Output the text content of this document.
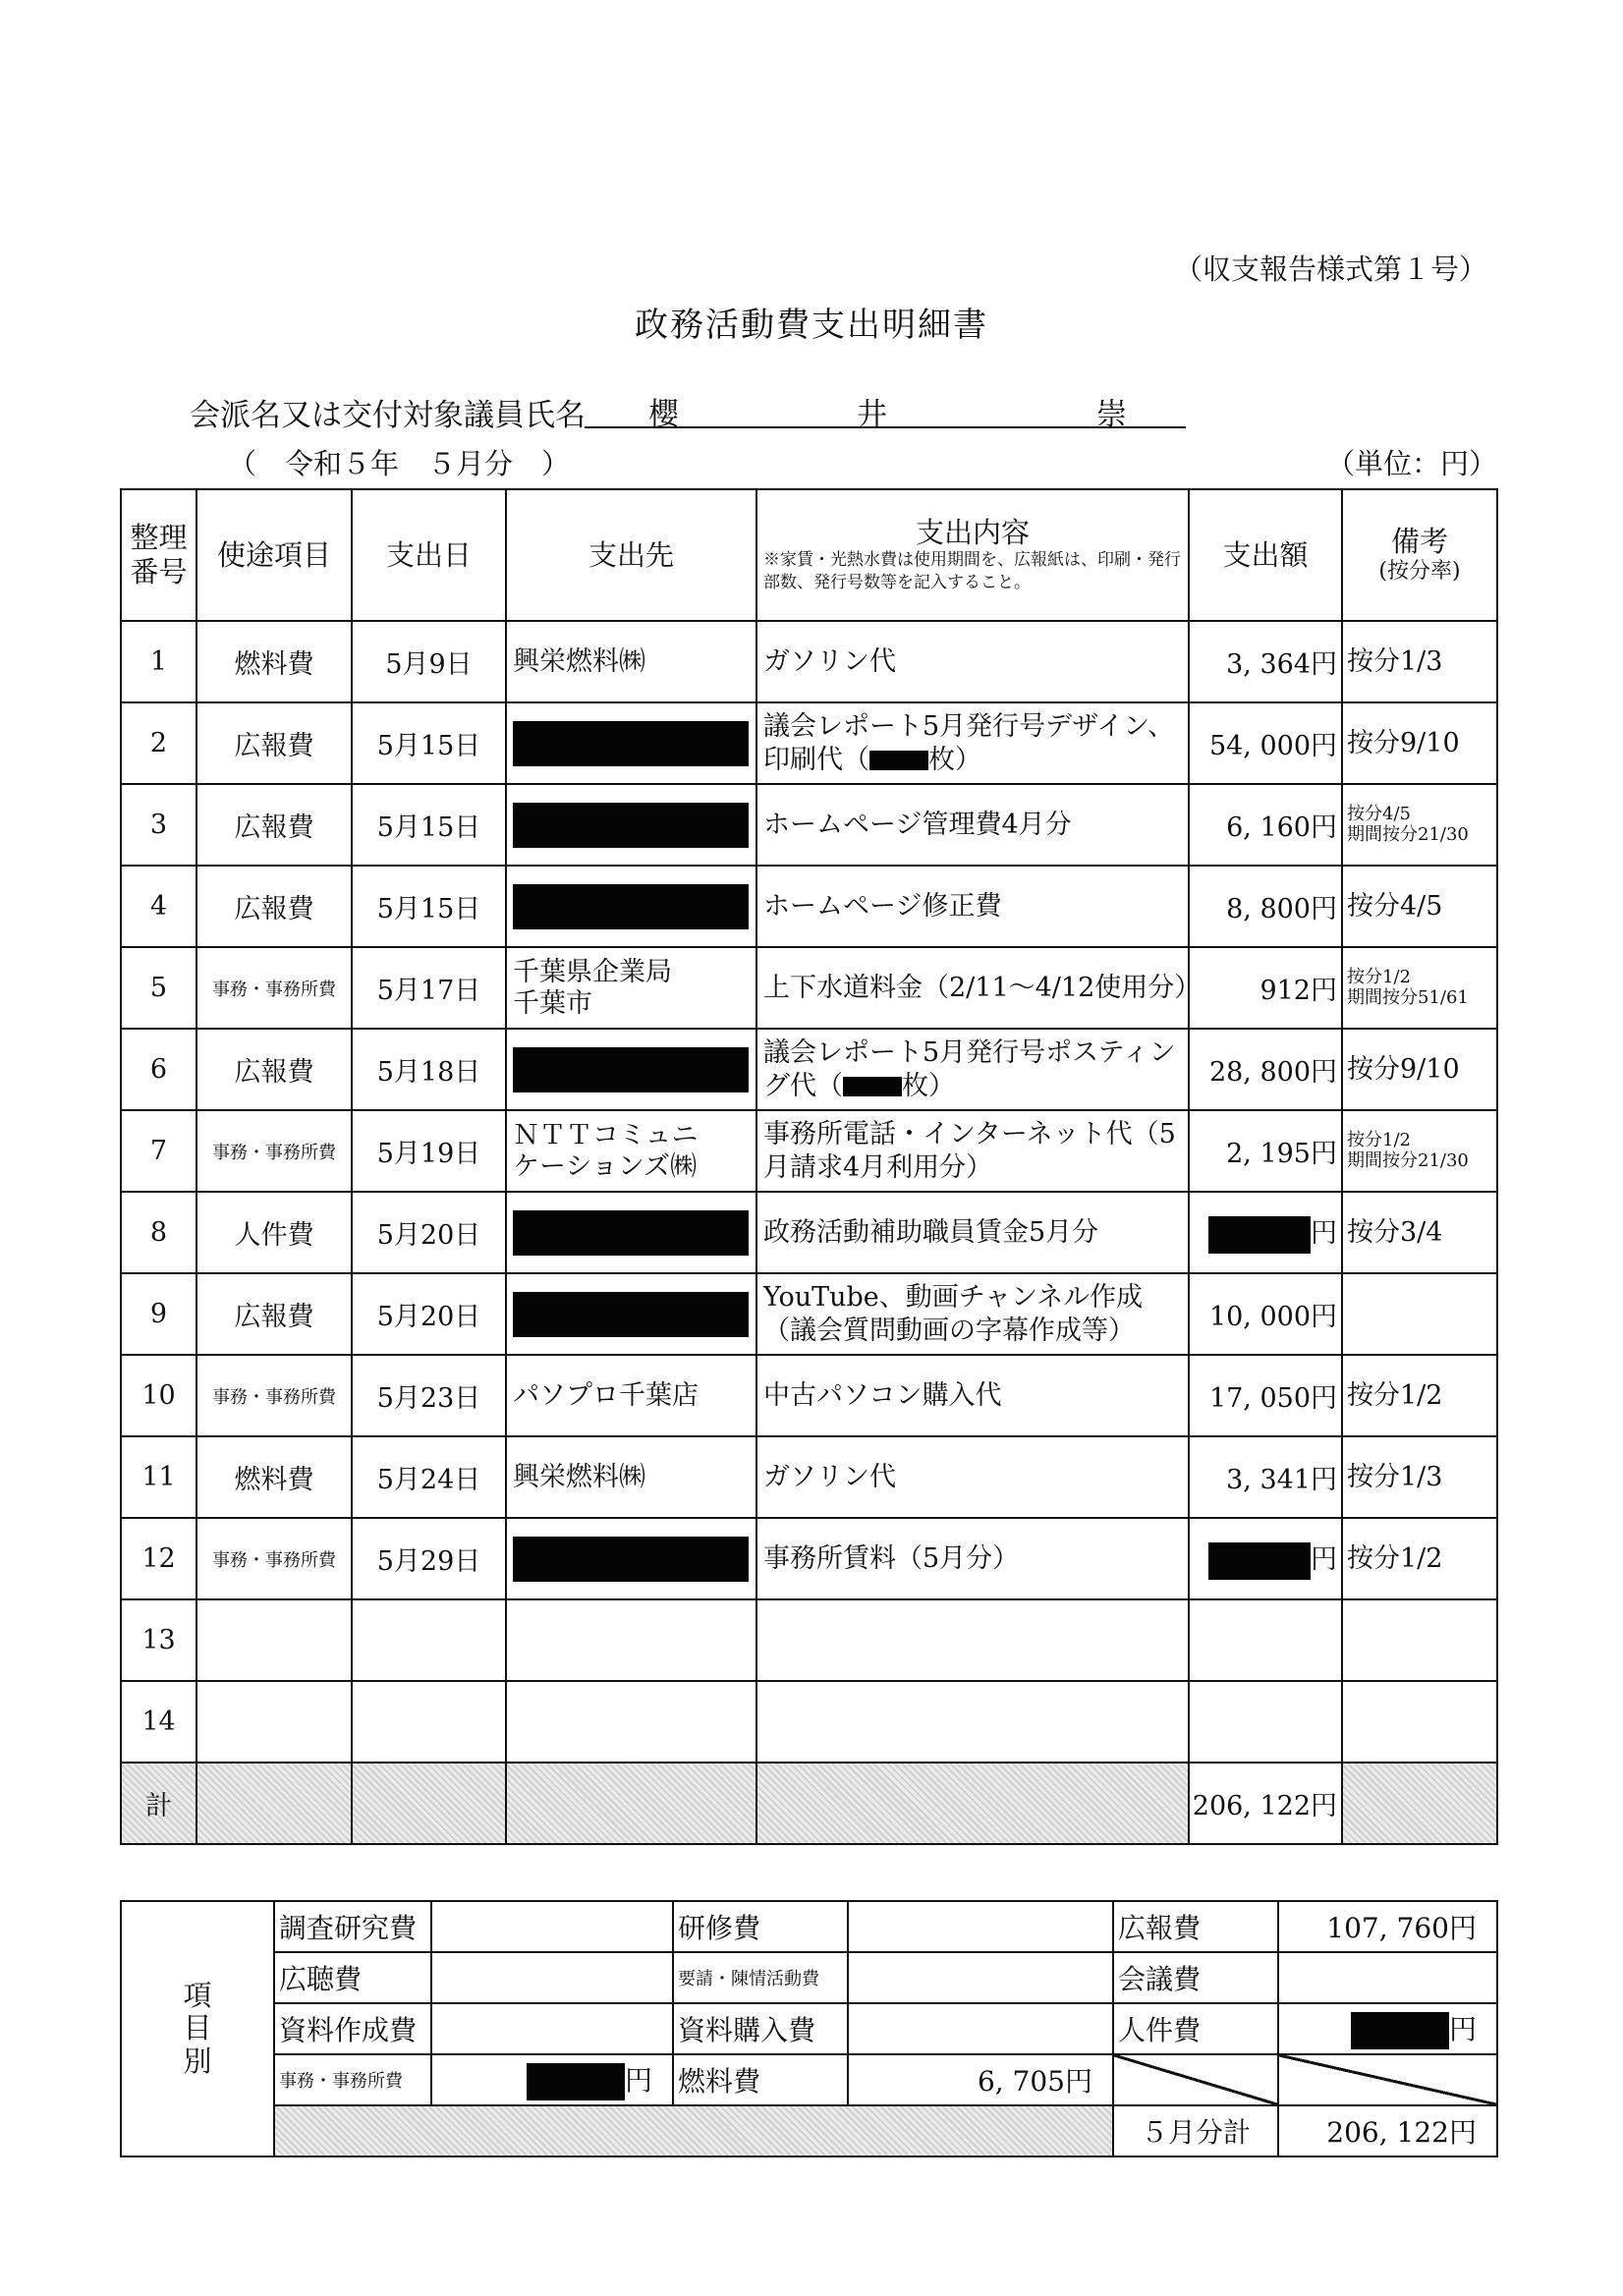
（収支報告様式第１号）
政務活動費支出明細書
会派名又は交付対象議員氏名 櫻	井	崇
（　令和５年　５月分　）	（単位：円）
整理
番号	使途項目	支出日	支出先	支出内容
※家賃・光熱水費は使用期間を、広報紙は、印刷・発行部数、発行号数等を記入すること。	支出額	備考
(按分率)

1	燃料費	5月9日	興栄燃料㈱	ガソリン代	3, 364円	按分1/3
2	広報費	5月15日		議会レポート5月発行号デザイン、印刷代（ 枚）	54, 000円	按分9/10
3	広報費	5月15日		ホームページ管理費4月分	6, 160円	按分4/5
期間按分21/30
4	広報費	5月15日		ホームページ修正費	8, 800円	按分4/5
5	事務・事務所費	5月17日	千葉県企業局
千葉市	上下水道料金（2/11～4/12使用分）	912円	按分1/2
期間按分51/61
6	広報費	5月18日		議会レポート5月発行号ポスティング代（ 枚）	28, 800円	按分9/10
7	事務・事務所費	5月19日	ＮＴＴコミュニ
ケーションズ㈱	事務所電話・インターネット代（5月請求4月利用分）	2, 195円	按分1/2
期間按分21/30
8	人件費	5月20日		政務活動補助職員賃金5月分	円	按分3/4
9	広報費	5月20日		YouTube、動画チャンネル作成（議会質問動画の字幕作成等）	10, 000円	
10	事務・事務所費	5月23日	パソプロ千葉店	中古パソコン購入代	17, 050円	按分1/2
11	燃料費	5月24日	興栄燃料㈱	ガソリン代	3, 341円	按分1/3
12	事務・事務所費	5月29日		事務所賃料（5月分）	円	按分1/2
13						
14						
計					206, 122円	
項
目
別	調査研究費		研修費		広報費	107, 760円
	広聴費		要請・陳情活動費		会議費	
	資料作成費		資料購入費		人件費	円
	事務・事務所費	円	燃料費	6, 705円		
					５月分計	206, 122円
